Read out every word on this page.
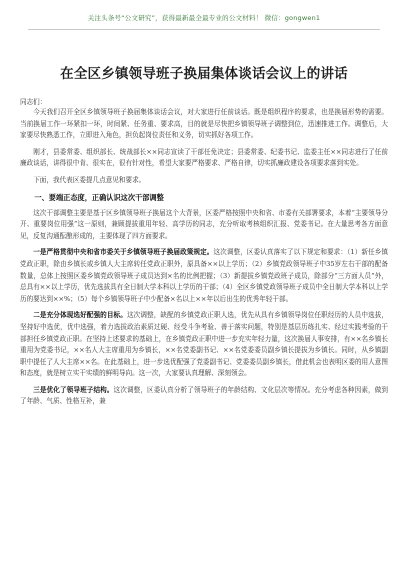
关注头条号“公文研究”，获得最新最全最专业的公文材料！ 微信：gongwen1
在全区乡镇领导班子换届集体谈话会议上的讲话
同志们：

今天我们召开全区乡镇领导班子换届集体谈话会议，对大家进行任前谈话。既是组织程序的要求，也是换届形势的需要。当前换届工作一环紧扣一环，时间紧、任务重、要求高，目的就是尽快把乡镇领导班子调整到位，迅速推进工作。调整后，大家要尽快熟悉工作，立即进入角色，担负起岗位责任和义务，切实抓好各项工作。

刚才，县委常委、组织部长、统战部长××同志宣读了干部任免决定；县委常委、纪委书记、监委主任××同志进行了任前廉政谈话，讲得很中肯、很实在，很有针对性，希望大家要严格要求、严格自律，切实抓廉政建设各项要求落到实处。

下面，我代表区委提几点意见和要求。

一、要端正态度，正确认识这次干部调整

这次干部调整主要是基于区乡镇领导班子换届这个大背景，区委严格按照中央和省、市委有关部署要求，本着“主要领导分开、重要岗位用强”这一原则，兼顾提拔重用年轻、高学历的同志，充分听取考核组织汇报、党委书记。在大量思考各方面意见，反复沟通酝酿形成的，主要体现了四方面要求。

一是严格贯彻中央和省市委关于乡镇领导班子换届政策规定。这次调整，区委认真落实了以下规定和要求：（1）新任乡镇党政正职，除由乡镇长或乡镇人大主席转任党政正职外，原具备××以上学历；（2）乡镇党政领导班子中35岁左右干部的配备数量，总体上按照区委乡镇党政领导班子成员达到×名的比例把握；（3）新提拔乡镇党政班子成员，除部分“三方面人员”外，总具有××以上学历，优先选拔具有全日制大学本科以上学历的干部；（4）全区乡镇党政领导班子成员中全日制大学本科以上学历的要达到××%；（5）每个乡镇领导班子中少配备×名以上××年以后出生的优秀年轻干部。

二是充分体现选好配强的目标。这次调整，缺配的乡镇党政正职人选，优先从具有乡镇领导岗位任职经历的人员中选拔，坚持好中选优，优中选强，着力选拔政治素质过硬、经受斗争考验、善于落实问题，特别是基层历练扎实、经过实践考验的干部担任乡镇党政正职。在坚持上述要求的基础上，在乡镇党政正职中进一步充实年轻力量，这次换届人事安排，有××名乡镇长重用为党委书记，××名人大主席重用为乡镇长，××名党委副书记、××名党委委员副乡镇长提拔为乡镇长。同时，从乡镇副职中提任了人大主席××名。在此基础上，进一步选优配强了党委副书记、党委委员副乡镇长，借此机会也表明区委的用人意图和态度，就是树立实干实绩的鲜明导向。这一次，大家要认真理解、深刻领会。

三是优化了领导班子结构。这次调整，区委认真分析了领导班子的年龄结构、文化层次等情况。充分考虑各种因素，做到了年龄、气质、性格互补，兼
